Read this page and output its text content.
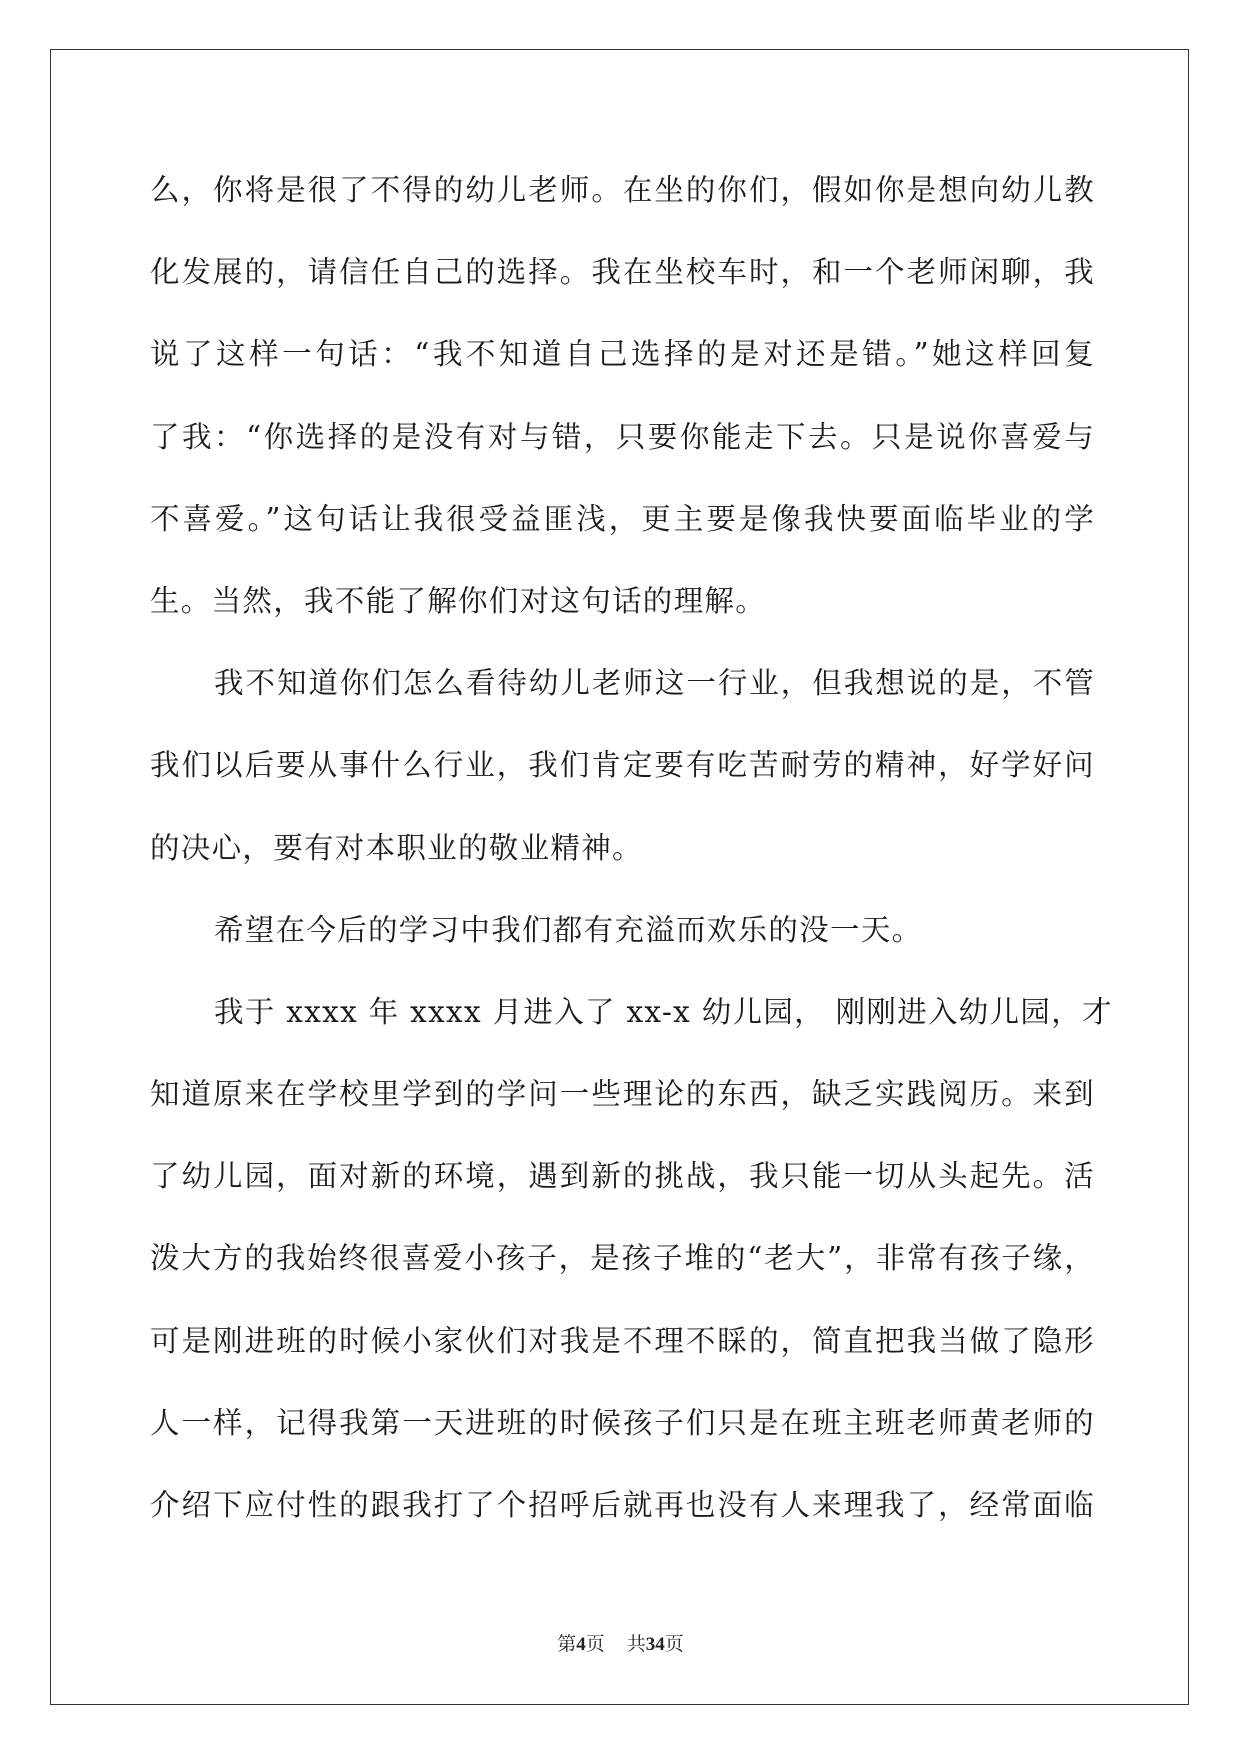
么，你将是很了不得的幼儿老师。在坐的你们，假如你是想向幼儿教
化发展的，请信任自己的选择。我在坐校车时，和一个老师闲聊，我
说了这样一句话：“我不知道自己选择的是对还是错。”她这样回复
了我：“你选择的是没有对与错，只要你能走下去。只是说你喜爱与
不喜爱。”这句话让我很受益匪浅，更主要是像我快要面临毕业的学
生。当然，我不能了解你们对这句话的理解。
我不知道你们怎么看待幼儿老师这一行业，但我想说的是，不管
我们以后要从事什么行业，我们肯定要有吃苦耐劳的精神，好学好问
的决心，要有对本职业的敬业精神。
希望在今后的学习中我们都有充溢而欢乐的没一天。
我于 xxxx 年 xxxx 月进入了 xx-x 幼儿园， 刚刚进入幼儿园，才
知道原来在学校里学到的学问一些理论的东西，缺乏实践阅历。来到
了幼儿园，面对新的环境，遇到新的挑战，我只能一切从头起先。活
泼大方的我始终很喜爱小孩子，是孩子堆的“老大”，非常有孩子缘，
可是刚进班的时候小家伙们对我是不理不睬的，简直把我当做了隐形
人一样，记得我第一天进班的时候孩子们只是在班主班老师黄老师的
介绍下应付性的跟我打了个招呼后就再也没有人来理我了，经常面临
第4页 共34页
